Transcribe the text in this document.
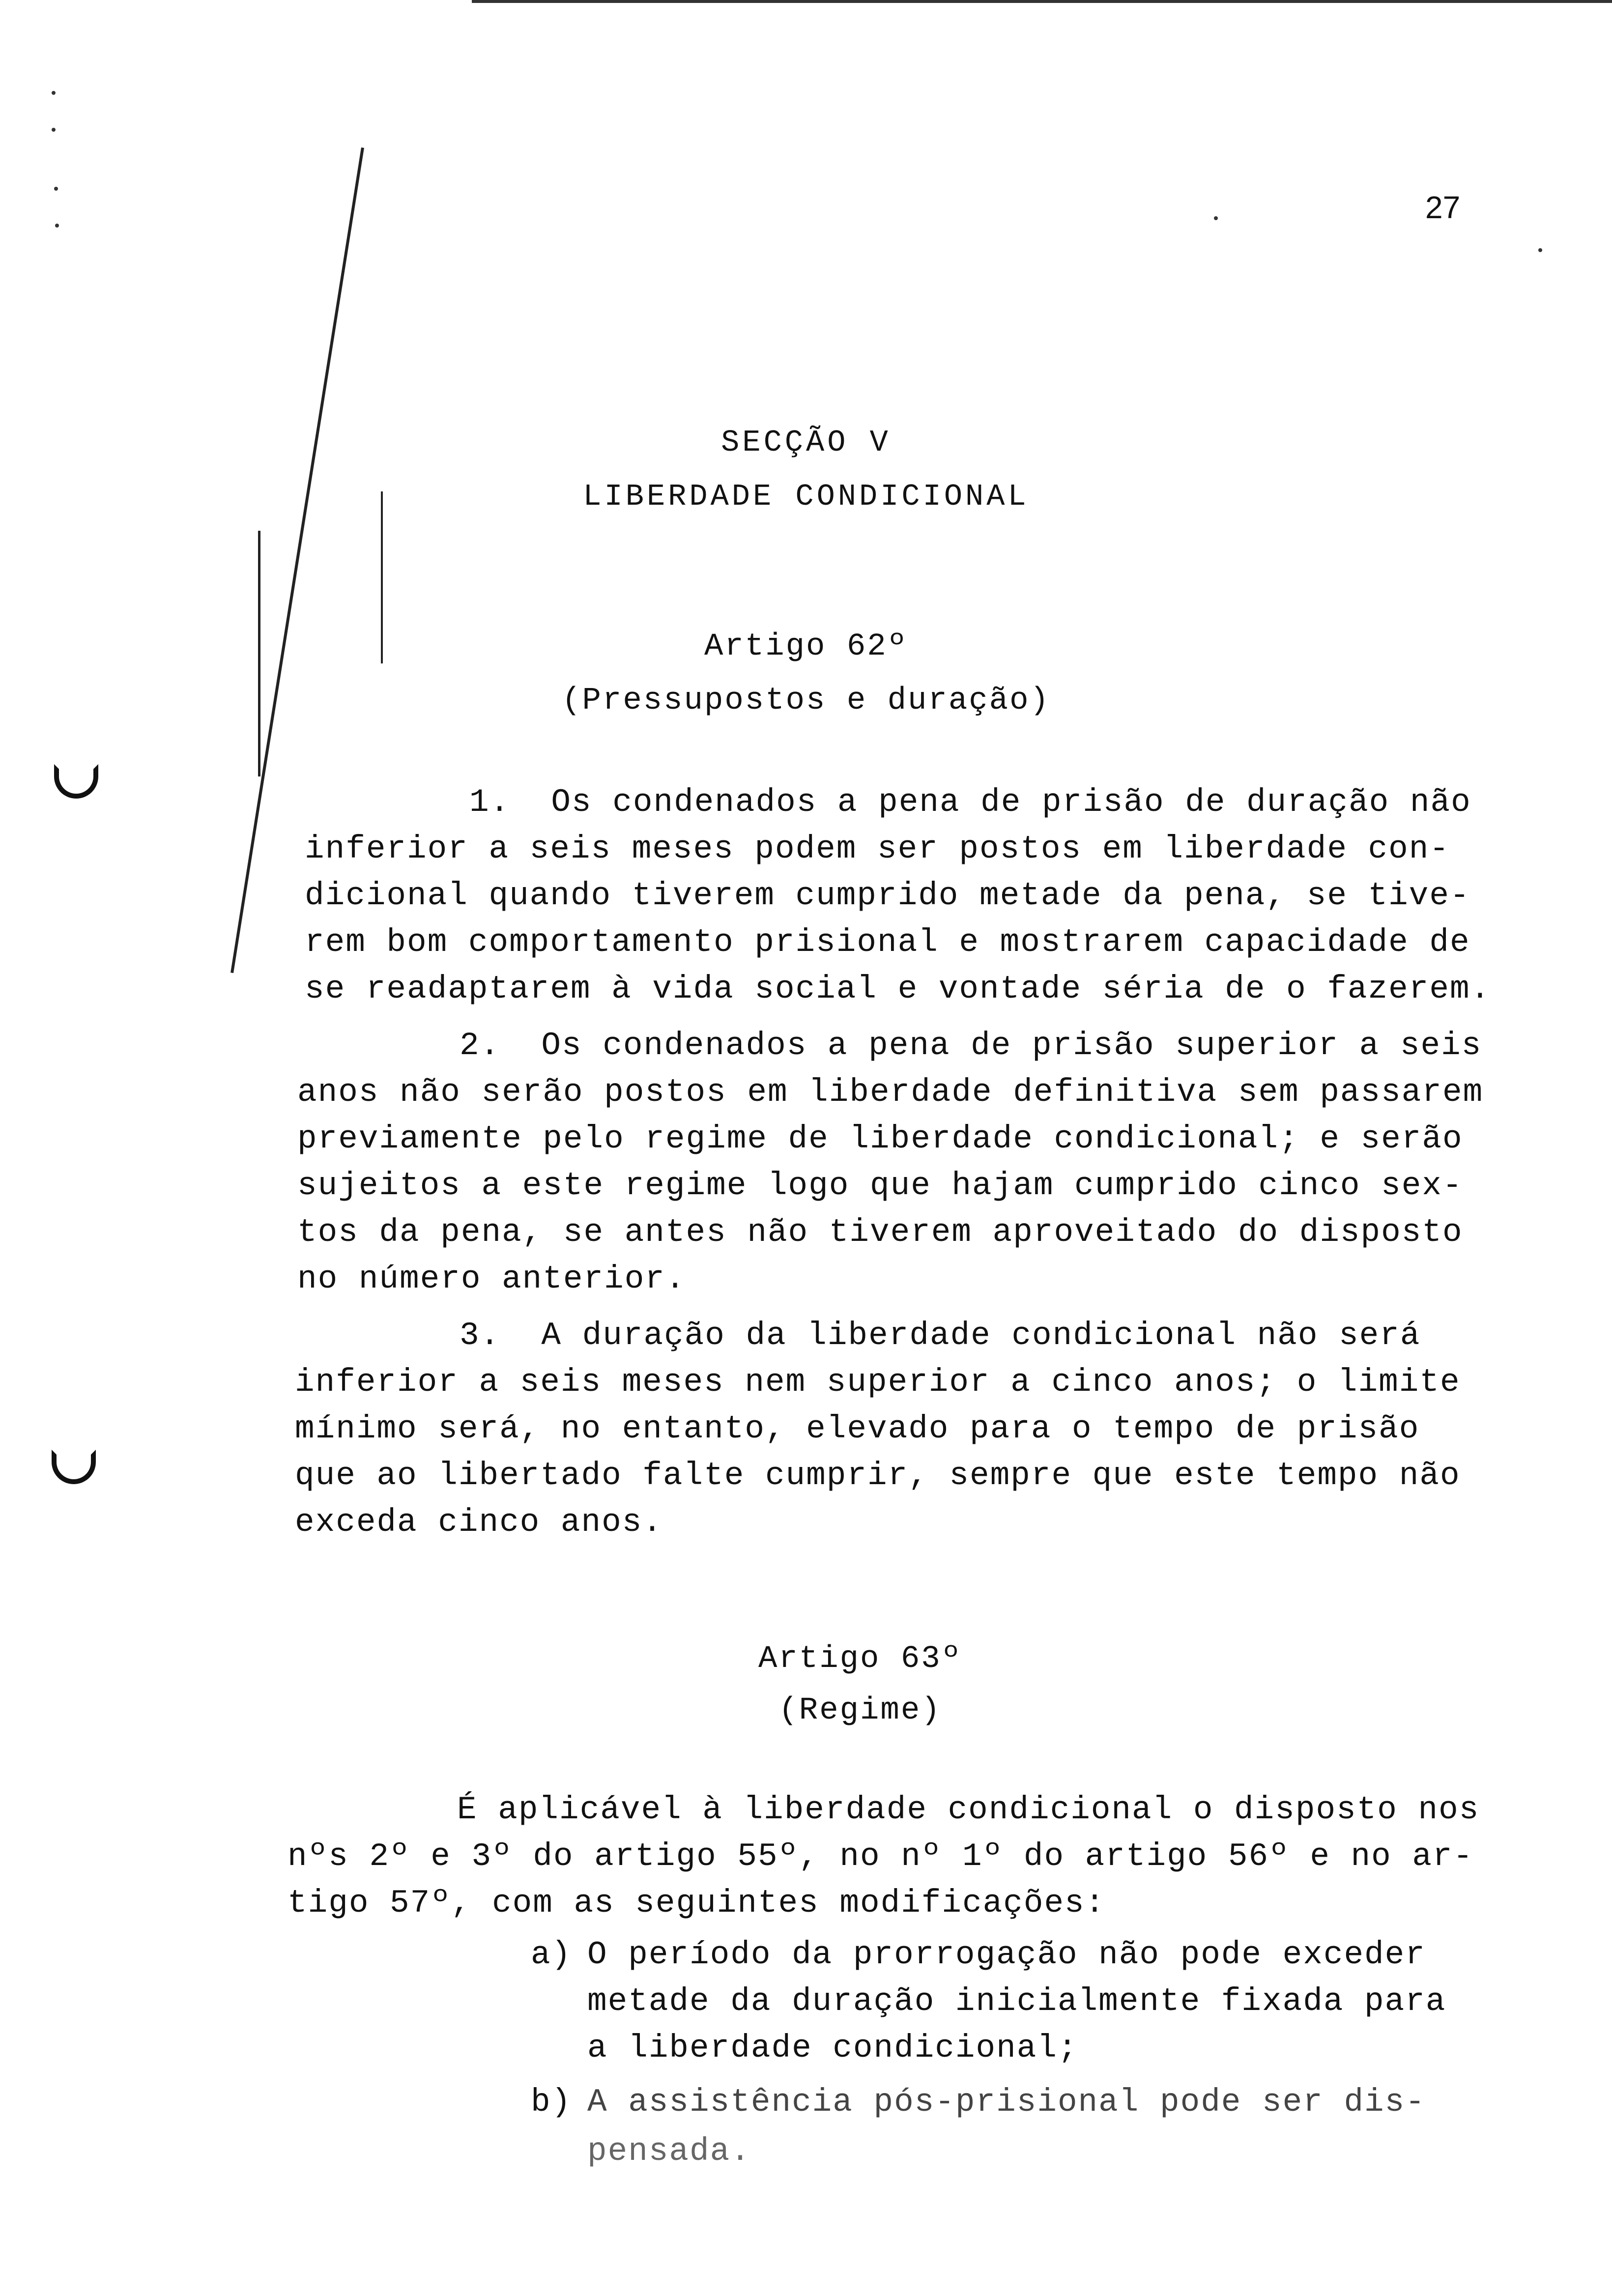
27
SECÇÃO V
LIBERDADE CONDICIONAL
Artigo 62º
(Pressupostos e duração)
1.  Os condenados a pena de prisão de duração não
inferior a seis meses podem ser postos em liberdade con-
dicional quando tiverem cumprido metade da pena, se tive-
rem bom comportamento prisional e mostrarem capacidade de
se readaptarem à vida social e vontade séria de o fazerem.
2.  Os condenados a pena de prisão superior a seis
anos não serão postos em liberdade definitiva sem passarem
previamente pelo regime de liberdade condicional; e serão
sujeitos a este regime logo que hajam cumprido cinco sex-
tos da pena, se antes não tiverem aproveitado do disposto
no número anterior.
3.  A duração da liberdade condicional não será
inferior a seis meses nem superior a cinco anos; o limite
mínimo será, no entanto, elevado para o tempo de prisão
que ao libertado falte cumprir, sempre que este tempo não
exceda cinco anos.
Artigo 63º
(Regime)
É aplicável à liberdade condicional o disposto nos
nºs 2º e 3º do artigo 55º, no nº 1º do artigo 56º e no ar-
tigo 57º, com as seguintes modificações:
a) O período da prorrogação não pode exceder
metade da duração inicialmente fixada para
a liberdade condicional;
b) A assistência pós-prisional pode ser dis-
pensada.
